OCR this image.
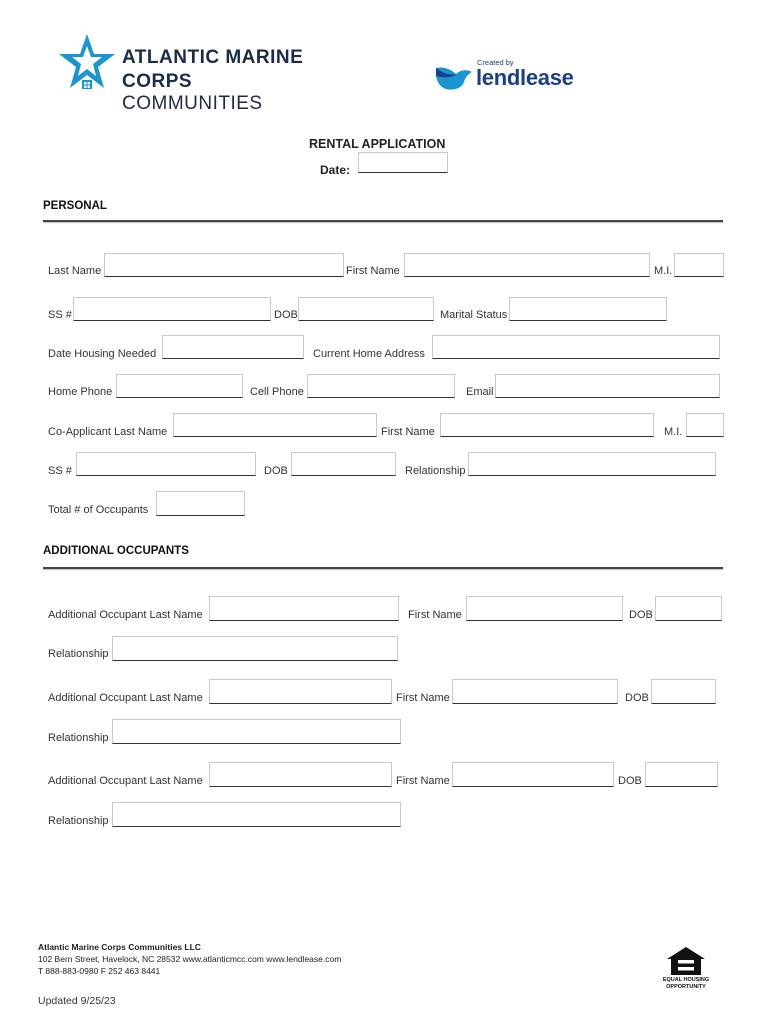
ATLANTIC MARINE
CORPS COMMUNITIES
Created by
lendlease
RENTAL APPLICATION
Date:
PERSONAL
Last Name	First Name	M.I.
SS #	DOB	Marital Status
Date Housing Needed	Current Home Address
Home Phone	Cell Phone	Email
Co-Applicant Last Name	First Name	M.I.
SS #	DOB	Relationship
Total # of Occupants
ADDITIONAL OCCUPANTS
Additional Occupant Last Name	First Name	DOB
Relationship
Additional Occupant Last Name	First Name	DOB
Relationship
Additional Occupant Last Name	First Name	DOB
Relationship
Atlantic Marine Corps Communities LLC
102 Bern Street, Havelock, NC 28532 www.atlanticmcc.com www.lendlease.com
T 888-883-0980 F 252 463 8441
Updated 9/25/23
EQUAL HOUSING
OPPORTUNITY
